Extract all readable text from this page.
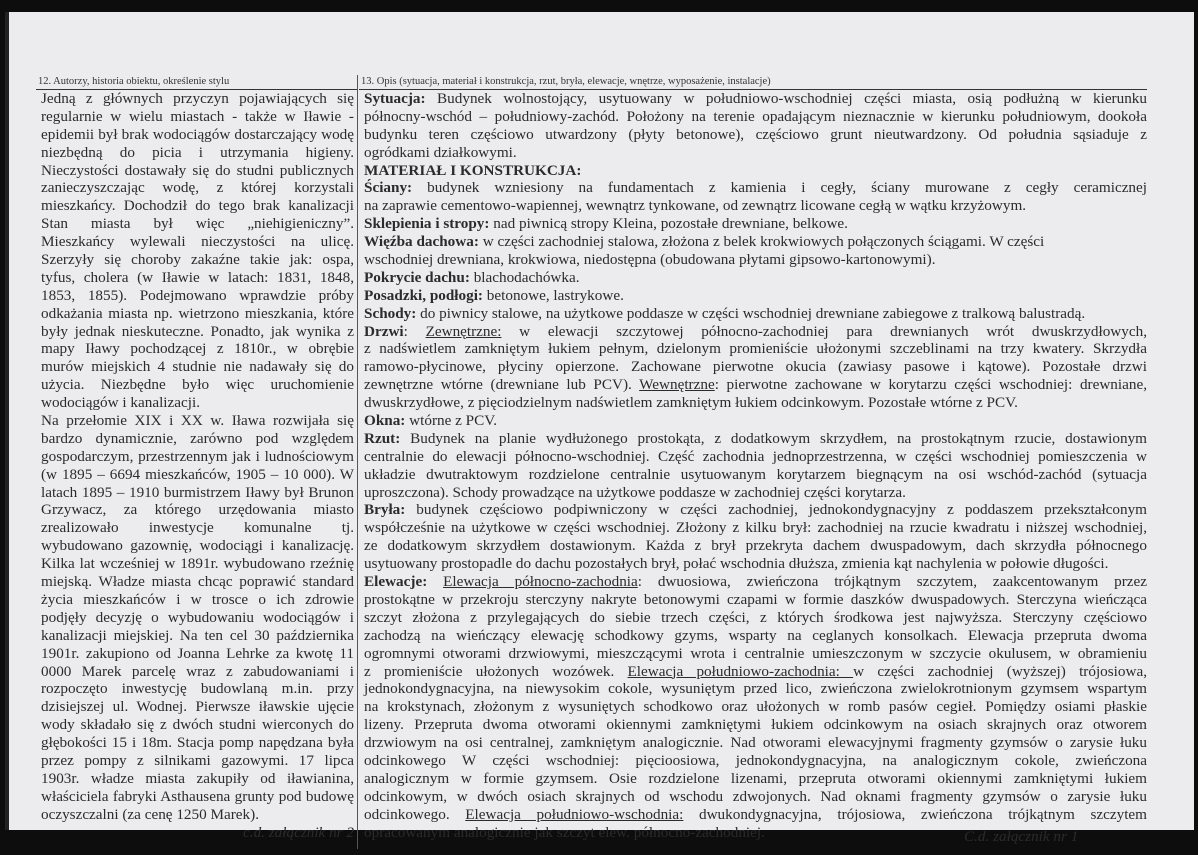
12. Autorzy, historia obiektu, określenie stylu	13. Opis (sytuacja, materiał i konstrukcja, rzut, bryła, elewacje, wnętrze, wyposażenie, instalacje)
Jedną z głównych przyczyn pojawiających się
regularnie w wielu miastach - także w Iławie -
epidemii był brak wodociągów dostarczający wodę
niezbędną do picia i utrzymania higieny.
Nieczystości dostawały się do studni publicznych
zanieczyszczając wodę, z której korzystali
mieszkańcy. Dochodził do tego brak kanalizacji
Stan miasta był więc „niehigieniczny”.
Mieszkańcy wylewali nieczystości na ulicę.
Szerzyły się choroby zakaźne takie jak: ospa,
tyfus, cholera (w Iławie w latach: 1831, 1848,
1853, 1855). Podejmowano wprawdzie próby
odkażania miasta np. wietrzono mieszkania, które
były jednak nieskuteczne. Ponadto, jak wynika z
mapy Iławy pochodzącej z 1810r., w obrębie
murów miejskich 4 studnie nie nadawały się do
użycia. Niezbędne było więc uruchomienie
wodociągów i kanalizacji.
Na przełomie XIX i XX w. Iława rozwijała się
bardzo dynamicznie, zarówno pod względem
gospodarczym, przestrzennym jak i ludnościowym
(w 1895 – 6694 mieszkańców, 1905 – 10 000). W
latach 1895 – 1910 burmistrzem Iławy był Brunon
Grzywacz, za którego urzędowania miasto
zrealizowało inwestycje komunalne tj.
wybudowano gazownię, wodociągi i kanalizację.
Kilka lat wcześniej w 1891r. wybudowano rzeźnię
miejską. Władze miasta chcąc poprawić standard
życia mieszkańców i w trosce o ich zdrowie
podjęły decyzję o wybudowaniu wodociągów i
kanalizacji miejskiej. Na ten cel 30 października
1901r. zakupiono od Joanna Lehrke za kwotę 11
0000 Marek parcelę wraz z zabudowaniami i
rozpoczęto inwestycję budowlaną m.in. przy
dzisiejszej ul. Wodnej. Pierwsze iławskie ujęcie
wody składało się z dwóch studni wierconych do
głębokości 15 i 18m. Stacja pomp napędzana była
przez pompy z silnikami gazowymi. 17 lipca
1903r. władze miasta zakupiły od iławianina,
właściciela fabryki Asthausena grunty pod budowę
oczyszczalni (za cenę 1250 Marek).
c.d. załącznik nr 2
Sytuacja: Budynek wolnostojący, usytuowany w południowo-wschodniej części miasta, osią podłużną w kierunku
północny-wschód – południowy-zachód. Położony na terenie opadającym nieznacznie w kierunku południowym, dookoła
budynku teren częściowo utwardzony (płyty betonowe), częściowo grunt nieutwardzony. Od południa sąsiaduje z
ogródkami działkowymi.
MATERIAŁ I KONSTRUKCJA:
Ściany: budynek wzniesiony na fundamentach z kamienia i cegły, ściany murowane z cegły ceramicznej
na zaprawie cementowo-wapiennej, wewnątrz tynkowane, od zewnątrz licowane cegłą w wątku krzyżowym.
Sklepienia i stropy: nad piwnicą stropy Kleina, pozostałe drewniane, belkowe.
Więźba dachowa: w części zachodniej stalowa, złożona z belek krokwiowych połączonych ściągami. W części
wschodniej drewniana, krokwiowa, niedostępna (obudowana płytami gipsowo-kartonowymi).
Pokrycie dachu: blachodachówka.
Posadzki, podłogi: betonowe, lastrykowe.
Schody: do piwnicy stalowe, na użytkowe poddasze w części wschodniej drewniane zabiegowe z tralkową balustradą.
Drzwi: Zewnętrzne: w elewacji szczytowej północno-zachodniej para drewnianych wrót dwuskrzydłowych,
z nadświetlem zamkniętym łukiem pełnym, dzielonym promieniście ułożonymi szczeblinami na trzy kwatery. Skrzydła
ramowo-płycinowe, płyciny opierzone. Zachowane pierwotne okucia (zawiasy pasowe i kątowe). Pozostałe drzwi
zewnętrzne wtórne (drewniane lub PCV). Wewnętrzne: pierwotne zachowane w korytarzu części wschodniej: drewniane,
dwuskrzydłowe, z pięciodzielnym nadświetlem zamkniętym łukiem odcinkowym. Pozostałe wtórne z PCV.
Okna: wtórne z PCV.
Rzut: Budynek na planie wydłużonego prostokąta, z dodatkowym skrzydłem, na prostokątnym rzucie, dostawionym
centralnie do elewacji północno-wschodniej. Część zachodnia jednoprzestrzenna, w części wschodniej pomieszczenia w
układzie dwutraktowym rozdzielone centralnie usytuowanym korytarzem biegnącym na osi wschód-zachód (sytuacja
uproszczona). Schody prowadzące na użytkowe poddasze w zachodniej części korytarza.
Bryła: budynek częściowo podpiwniczony w części zachodniej, jednokondygnacyjny z poddaszem przekształconym
współcześnie na użytkowe w części wschodniej. Złożony z kilku brył: zachodniej na rzucie kwadratu i niższej wschodniej,
ze dodatkowym skrzydłem dostawionym. Każda z brył przekryta dachem dwuspadowym, dach skrzydła północnego
usytuowany prostopadle do dachu pozostałych brył, połać wschodnia dłuższa, zmienia kąt nachylenia w połowie długości.
Elewacje: Elewacja północno-zachodnia: dwuosiowa, zwieńczona trójkątnym szczytem, zaakcentowanym przez
prostokątne w przekroju sterczyny nakryte betonowymi czapami w formie daszków dwuspadowych. Sterczyna wieńcząca
szczyt złożona z przylegających do siebie trzech części, z których środkowa jest najwyższa. Sterczyny częściowo
zachodzą na wieńczący elewację schodkowy gzyms, wsparty na ceglanych konsolkach. Elewacja przepruta dwoma
ogromnymi otworami drzwiowymi, mieszczącymi wrota i centralnie umieszczonym w szczycie okulusem, w obramieniu
z promieniście ułożonych wozówek. Elewacja południowo-zachodnia: w części zachodniej (wyższej) trójosiowa,
jednokondygnacyjna, na niewysokim cokole, wysuniętym przed lico, zwieńczona zwielokrotnionym gzymsem wspartym
na krokstynach, złożonym z wysuniętych schodkowo oraz ułożonych w romb pasów cegieł. Pomiędzy osiami płaskie
lizeny. Przepruta dwoma otworami okiennymi zamkniętymi łukiem odcinkowym na osiach skrajnych oraz otworem
drzwiowym na osi centralnej, zamkniętym analogicznie. Nad otworami elewacyjnymi fragmenty gzymsów o zarysie łuku
odcinkowego W części wschodniej: pięcioosiowa, jednokondygnacyjna, na analogicznym cokole, zwieńczona
analogicznym w formie gzymsem. Osie rozdzielone lizenami, przepruta otworami okiennymi zamkniętymi łukiem
odcinkowym, w dwóch osiach skrajnych od wschodu zdwojonych. Nad oknami fragmenty gzymsów o zarysie łuku
odcinkowego. Elewacja południowo-wschodnia: dwukondygnacyjna, trójosiowa, zwieńczona trójkątnym szczytem
opracowanym analogicznie jak szczyt elew. północno-zachodniej.	C.d. załącznik nr 1
